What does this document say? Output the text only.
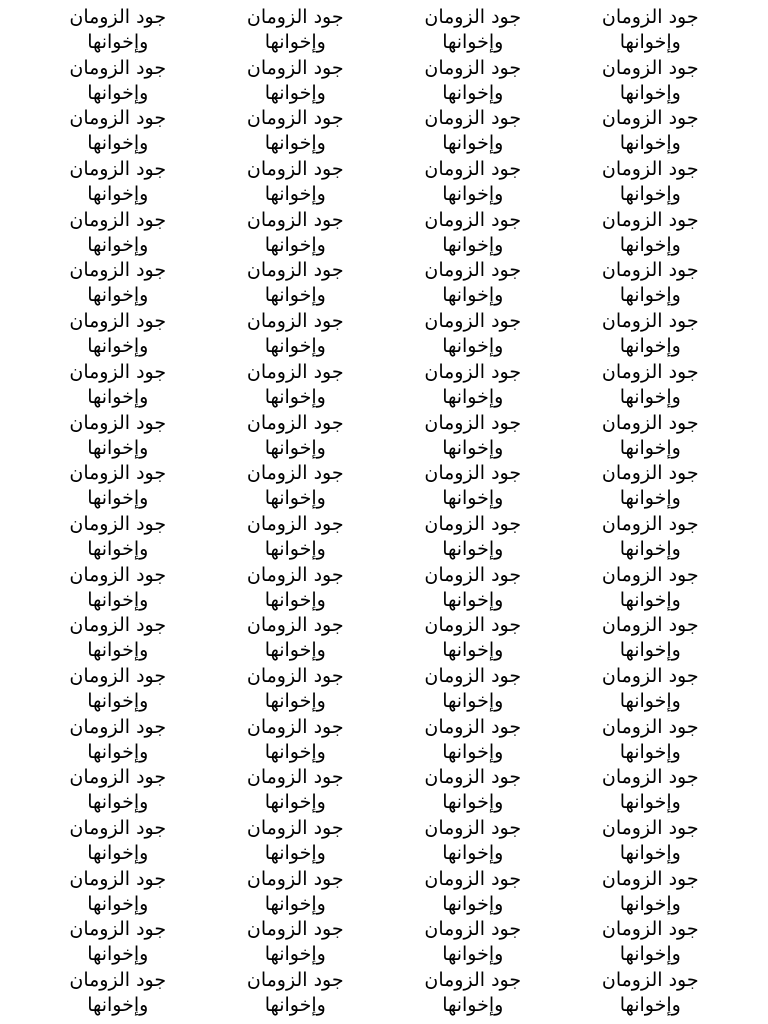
جود الزومان
وإخوانها
جود الزومان
وإخوانها
جود الزومان
وإخوانها
جود الزومان
وإخوانها
جود الزومان
وإخوانها
جود الزومان
وإخوانها
جود الزومان
وإخوانها
جود الزومان
وإخوانها
جود الزومان
وإخوانها
جود الزومان
وإخوانها
جود الزومان
وإخوانها
جود الزومان
وإخوانها
جود الزومان
وإخوانها
جود الزومان
وإخوانها
جود الزومان
وإخوانها
جود الزومان
وإخوانها
جود الزومان
وإخوانها
جود الزومان
وإخوانها
جود الزومان
وإخوانها
جود الزومان
وإخوانها
جود الزومان
وإخوانها
جود الزومان
وإخوانها
جود الزومان
وإخوانها
جود الزومان
وإخوانها
جود الزومان
وإخوانها
جود الزومان
وإخوانها
جود الزومان
وإخوانها
جود الزومان
وإخوانها
جود الزومان
وإخوانها
جود الزومان
وإخوانها
جود الزومان
وإخوانها
جود الزومان
وإخوانها
جود الزومان
وإخوانها
جود الزومان
وإخوانها
جود الزومان
وإخوانها
جود الزومان
وإخوانها
جود الزومان
وإخوانها
جود الزومان
وإخوانها
جود الزومان
وإخوانها
جود الزومان
وإخوانها
جود الزومان
وإخوانها
جود الزومان
وإخوانها
جود الزومان
وإخوانها
جود الزومان
وإخوانها
جود الزومان
وإخوانها
جود الزومان
وإخوانها
جود الزومان
وإخوانها
جود الزومان
وإخوانها
جود الزومان
وإخوانها
جود الزومان
وإخوانها
جود الزومان
وإخوانها
جود الزومان
وإخوانها
جود الزومان
وإخوانها
جود الزومان
وإخوانها
جود الزومان
وإخوانها
جود الزومان
وإخوانها
جود الزومان
وإخوانها
جود الزومان
وإخوانها
جود الزومان
وإخوانها
جود الزومان
وإخوانها
جود الزومان
وإخوانها
جود الزومان
وإخوانها
جود الزومان
وإخوانها
جود الزومان
وإخوانها
جود الزومان
وإخوانها
جود الزومان
وإخوانها
جود الزومان
وإخوانها
جود الزومان
وإخوانها
جود الزومان
وإخوانها
جود الزومان
وإخوانها
جود الزومان
وإخوانها
جود الزومان
وإخوانها
جود الزومان
وإخوانها
جود الزومان
وإخوانها
جود الزومان
وإخوانها
جود الزومان
وإخوانها
جود الزومان
وإخوانها
جود الزومان
وإخوانها
جود الزومان
وإخوانها
جود الزومان
وإخوانها
